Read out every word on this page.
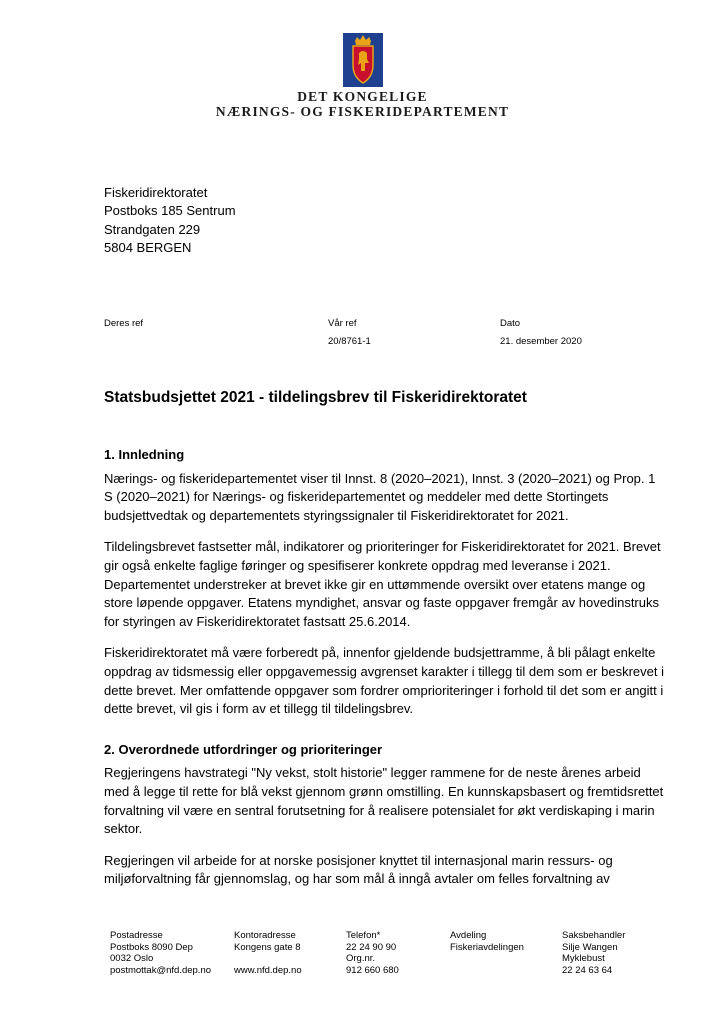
DET KONGELIGE
NÆRINGS- OG FISKERIDEPARTEMENT
Fiskeridirektoratet
Postboks 185 Sentrum
Strandgaten 229
5804 BERGEN
Deres ref	Vår ref
20/8761-1
Dato
21. desember 2020
Statsbudsjettet 2021 - tildelingsbrev til Fiskeridirektoratet
1. Innledning

Nærings- og fiskeridepartementet viser til Innst. 8 (2020–2021), Innst. 3 (2020–2021) og Prop. 1 S (2020–2021) for Nærings- og fiskeridepartementet og meddeler med dette Stortingets budsjettvedtak og departementets styringssignaler til Fiskeridirektoratet for 2021.

Tildelingsbrevet fastsetter mål, indikatorer og prioriteringer for Fiskeridirektoratet for 2021. Brevet gir også enkelte faglige føringer og spesifiserer konkrete oppdrag med leveranse i 2021. Departementet understreker at brevet ikke gir en uttømmende oversikt over etatens mange og store løpende oppgaver. Etatens myndighet, ansvar og faste oppgaver fremgår av hovedinstruks for styringen av Fiskeridirektoratet fastsatt 25.6.2014.

Fiskeridirektoratet må være forberedt på, innenfor gjeldende budsjettramme, å bli pålagt enkelte oppdrag av tidsmessig eller oppgavemessig avgrenset karakter i tillegg til dem som er beskrevet i dette brevet. Mer omfattende oppgaver som fordrer omprioriteringer i forhold til det som er angitt i dette brevet, vil gis i form av et tillegg til tildelingsbrev.

2. Overordnede utfordringer og prioriteringer

Regjeringens havstrategi "Ny vekst, stolt historie" legger rammene for de neste årenes arbeid med å legge til rette for blå vekst gjennom grønn omstilling. En kunnskapsbasert og fremtidsrettet forvaltning vil være en sentral forutsetning for å realisere potensialet for økt verdiskaping i marin sektor.

Regjeringen vil arbeide for at norske posisjoner knyttet til internasjonal marin ressurs- og miljøforvaltning får gjennomslag, og har som mål å inngå avtaler om felles forvaltning av

Postadresse
Postboks 8090 Dep
0032 Oslo
postmottak@nfd.dep.no
Kontoradresse
Kongens gate 8

www.nfd.dep.no
Telefon*
22 24 90 90
Org.nr.
912 660 680
Avdeling
Fiskeriavdelingen
Saksbehandler
Silje Wangen
Myklebust
22 24 63 64
